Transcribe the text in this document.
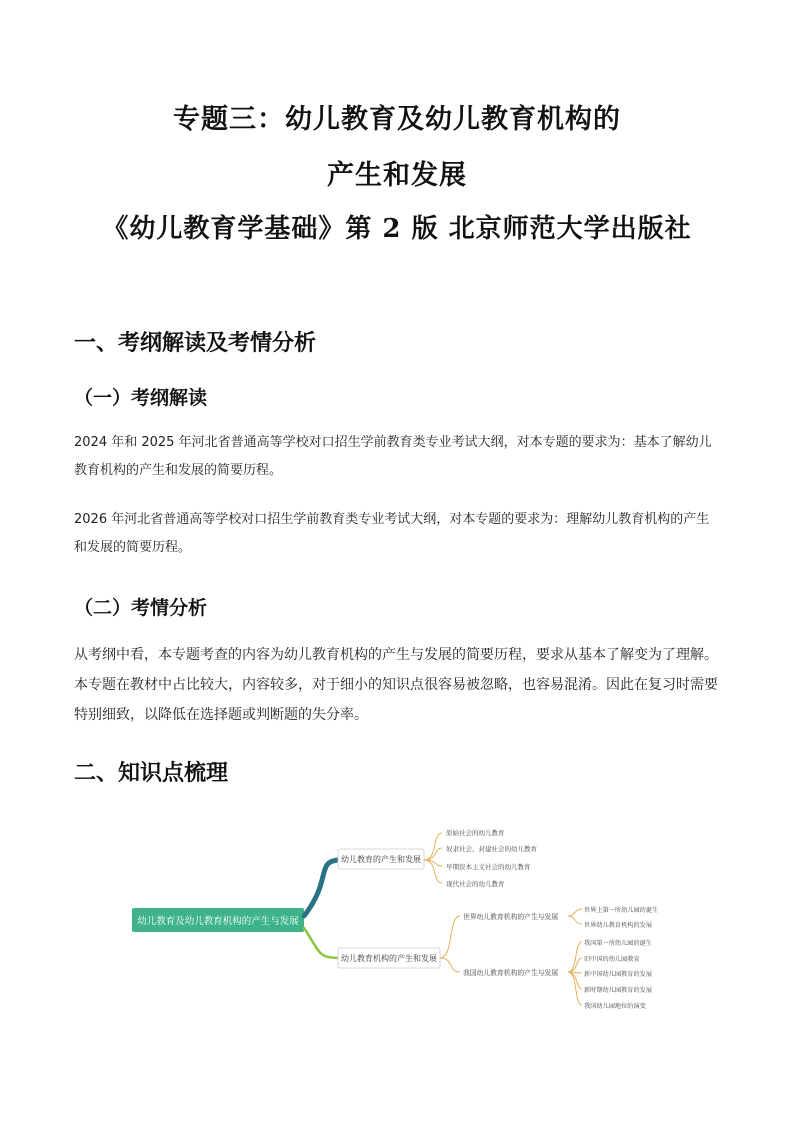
专题三：幼儿教育及幼儿教育机构的
产生和发展
《幼儿教育学基础》第 2 版 北京师范大学出版社
一、考纲解读及考情分析
（一）考纲解读

2024 年和 2025 年河北省普通高等学校对口招生学前教育类专业考试大纲，对本专题的要求为：基本了解幼儿教育机构的产生和发展的简要历程。

2026 年河北省普通高等学校对口招生学前教育类专业考试大纲，对本专题的要求为：理解幼儿教育机构的产生和发展的简要历程。

（二）考情分析

从考纲中看，本专题考查的内容为幼儿教育机构的产生与发展的简要历程，要求从基本了解变为了理解。本专题在教材中占比较大，内容较多，对于细小的知识点很容易被忽略，也容易混淆。因此在复习时需要特别细致，以降低在选择题或判断题的失分率。

二、知识点梳理
幼儿教育及幼儿教育机构的产生与发展
幼儿教育的产生和发展
原始社会的幼儿教育
奴隶社会、封建社会的幼儿教育
早期资本主义社会的幼儿教育
现代社会的幼儿教育
幼儿教育机构的产生和发展
世界幼儿教育机构的产生与发展
我国幼儿教育机构的产生与发展
世界上第一所幼儿园的诞生
世界幼儿教育机构的发展
我国第一所幼儿园的诞生
旧中国的幼儿园教育
新中国幼儿园教育的发展
新时期幼儿园教育的发展
我国幼儿园地位的演变
